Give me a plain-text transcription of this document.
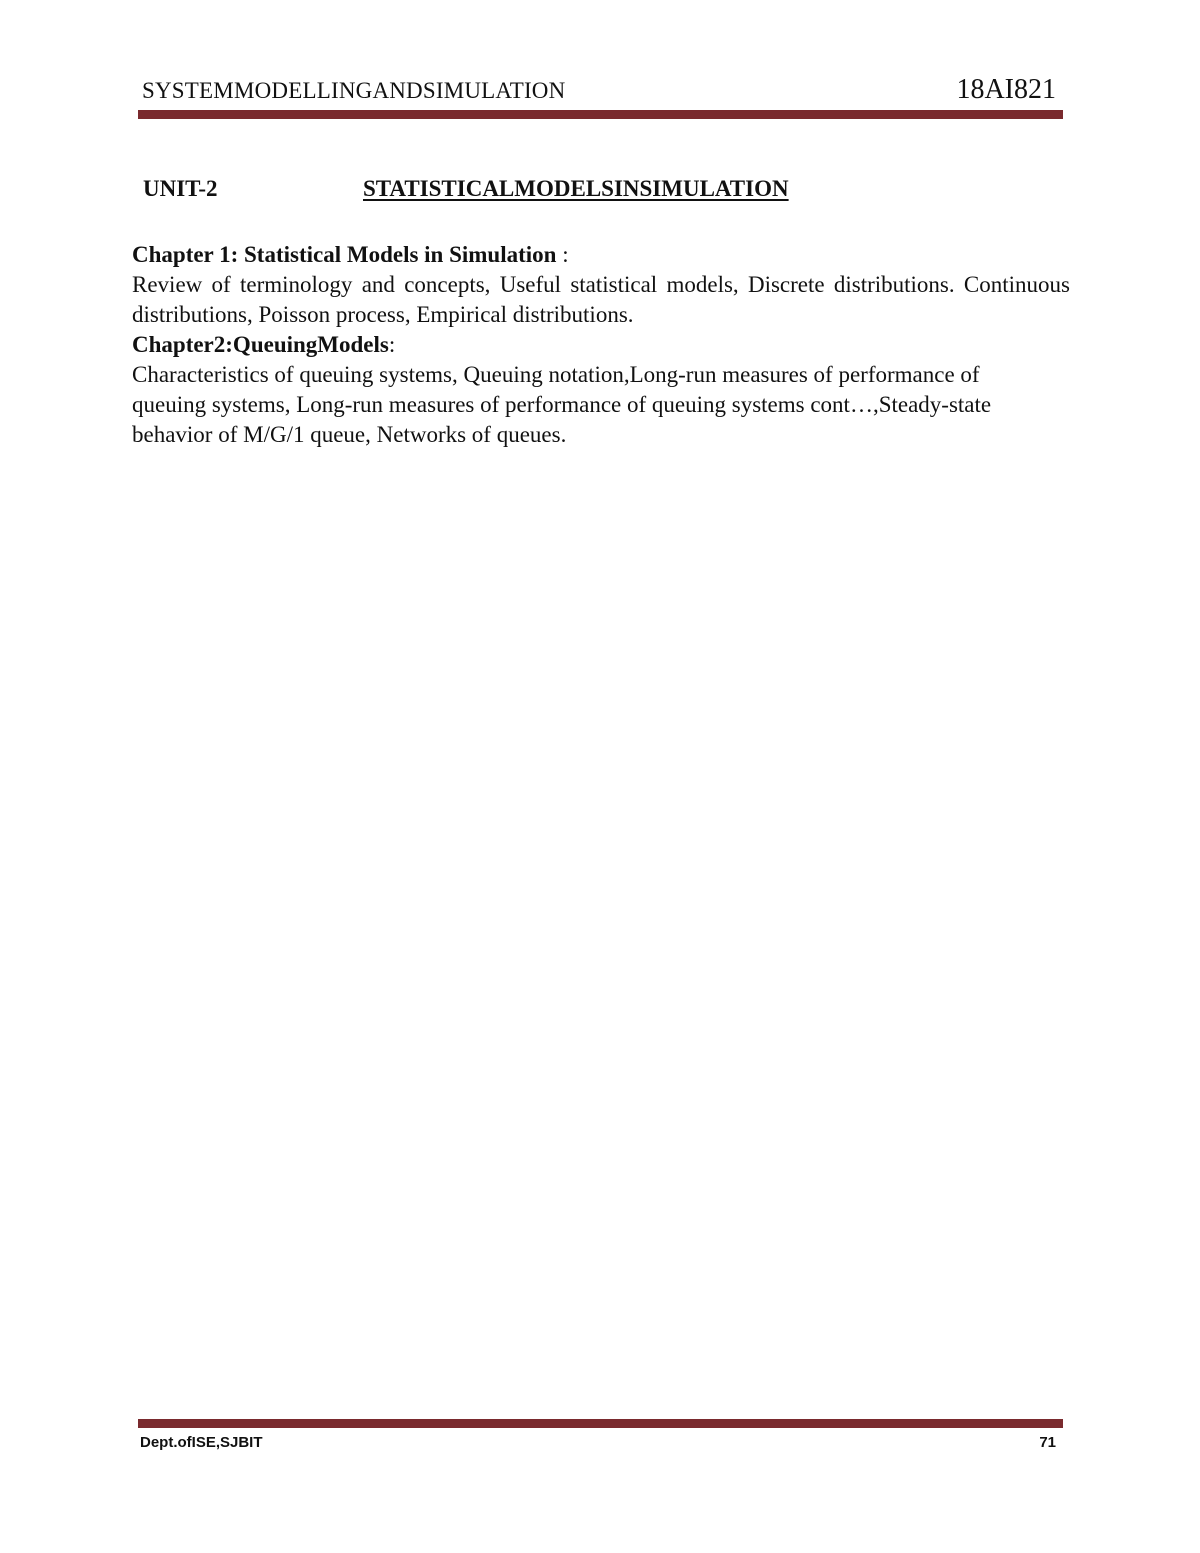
SYSTEMMODELLINGANDSIMULATION	18AI821
UNIT-2	STATISTICALMODELSINSIMULATION

Chapter 1: Statistical Models in Simulation :

Review of terminology and concepts, Useful statistical models, Discrete distributions. Continuous distributions, Poisson process, Empirical distributions.

Chapter2:QueuingModels:

Characteristics of queuing systems, Queuing notation,Long-run measures of performance of queuing systems, Long-run measures of performance of queuing systems cont…,Steady-state behavior of M/G/1 queue, Networks of queues.

Dept.ofISE,SJBIT	71
